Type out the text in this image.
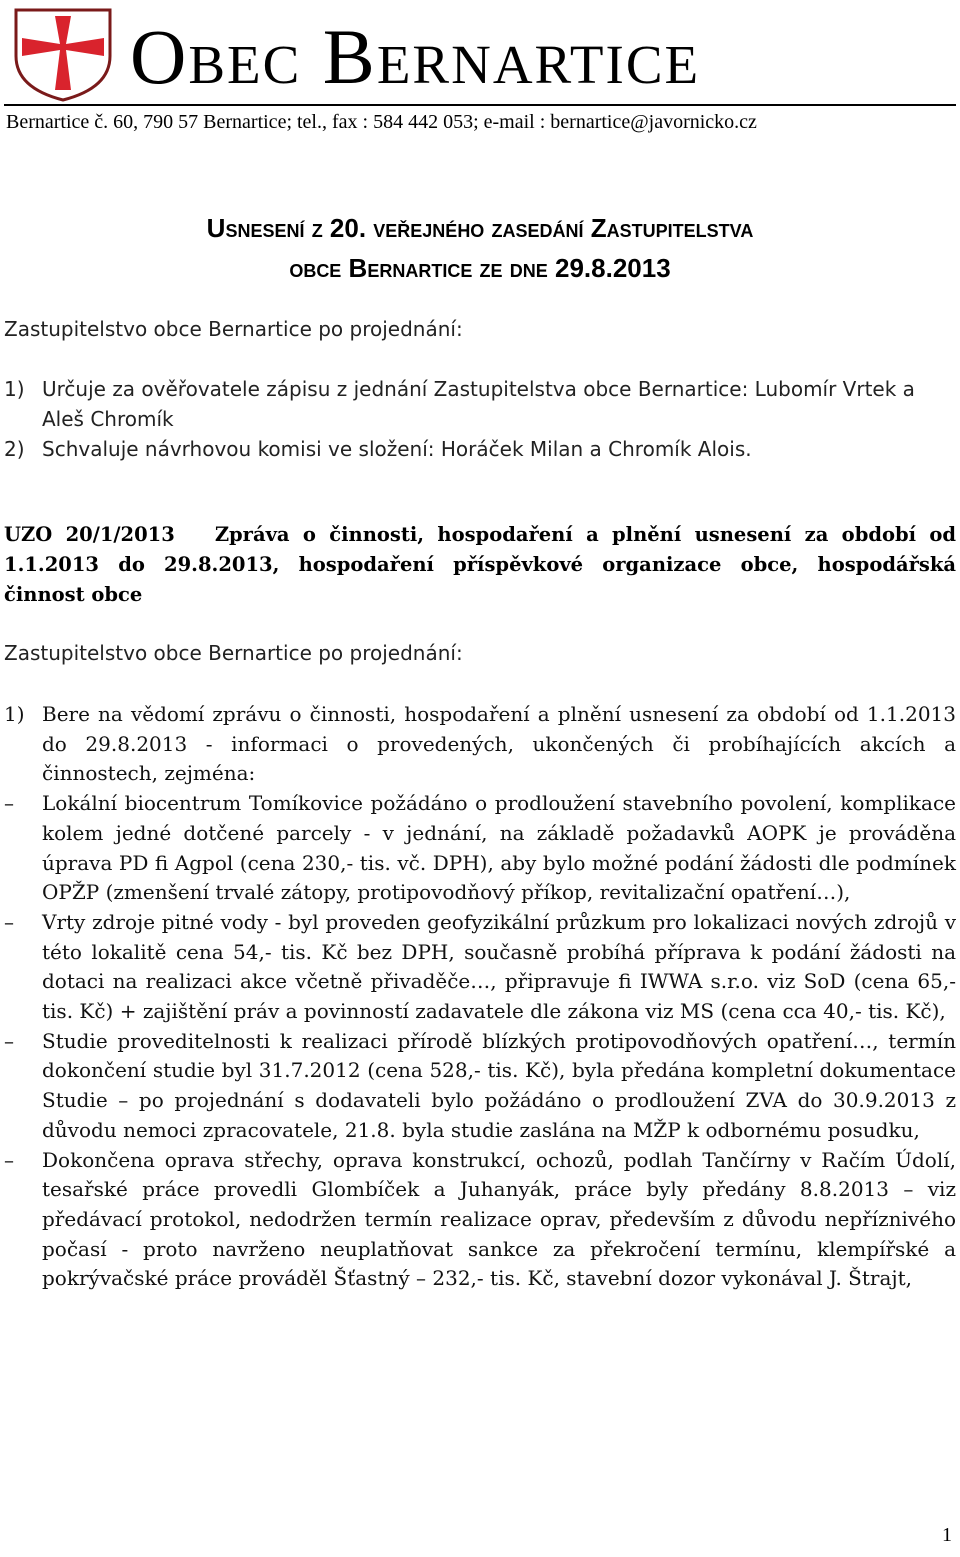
Obec Bernartice
Bernartice č. 60, 790 57 Bernartice; tel., fax : 584 442 053; e-mail : bernartice@javornicko.cz
Usnesení z 20. veřejného zasedání Zastupitelstva
obce Bernartice ze dne 29.8.2013
Zastupitelstvo obce Bernartice po projednání:
1) Určuje za ověřovatele zápisu z jednání Zastupitelstva obce Bernartice: Lubomír Vrtek a Aleš Chromík
2) Schvaluje návrhovou komisi ve složení: Horáček Milan a Chromík Alois.
UZO 20/1/2013 Zpráva o činnosti, hospodaření a plnění usnesení za období od 1.1.2013 do 29.8.2013, hospodaření příspěvkové organizace obce, hospodářská činnost obce
Zastupitelstvo obce Bernartice po projednání:
1) Bere na vědomí zprávu o činnosti, hospodaření a plnění usnesení za období od 1.1.2013 do 29.8.2013 - informaci o provedených, ukončených či probíhajících akcích a činnostech, zejména:
–	Lokální biocentrum Tomíkovice požádáno o prodloužení stavebního povolení, komplikace kolem jedné dotčené parcely - v jednání, na základě požadavků AOPK je prováděna úprava PD fi Agpol (cena 230,- tis. vč. DPH), aby bylo možné podání žádosti dle podmínek OPŽP (zmenšení trvalé zátopy, protipovodňový příkop, revitalizační opatření…),
–	Vrty zdroje pitné vody - byl proveden geofyzikální průzkum pro lokalizaci nových zdrojů v této lokalitě cena 54,- tis. Kč bez DPH, současně probíhá příprava k podání žádosti na dotaci na realizaci akce včetně přivaděče…, připravuje fi IWWA s.r.o. viz SoD (cena 65,- tis. Kč) + zajištění práv a povinností zadavatele dle zákona viz MS (cena cca 40,- tis. Kč),
–	Studie proveditelnosti k realizaci přírodě blízkých protipovodňových opatření…, termín dokončení studie byl 31.7.2012 (cena 528,- tis. Kč), byla předána kompletní dokumentace Studie – po projednání s dodavateli bylo požádáno o prodloužení ZVA do 30.9.2013 z důvodu nemoci zpracovatele, 21.8. byla studie zaslána na MŽP k odbornému posudku,
–	Dokončena oprava střechy, oprava konstrukcí, ochozů, podlah Tančírny v Račím Údolí, tesařské práce provedli Glombíček a Juhanyák, práce byly předány 8.8.2013 – viz předávací protokol, nedodržen termín realizace oprav, především z důvodu nepříznivého počasí - proto navrženo neuplatňovat sankce za překročení termínu, klempířské a pokrývačské práce prováděl Šťastný – 232,- tis. Kč, stavební dozor vykonával J. Štrajt,
1
